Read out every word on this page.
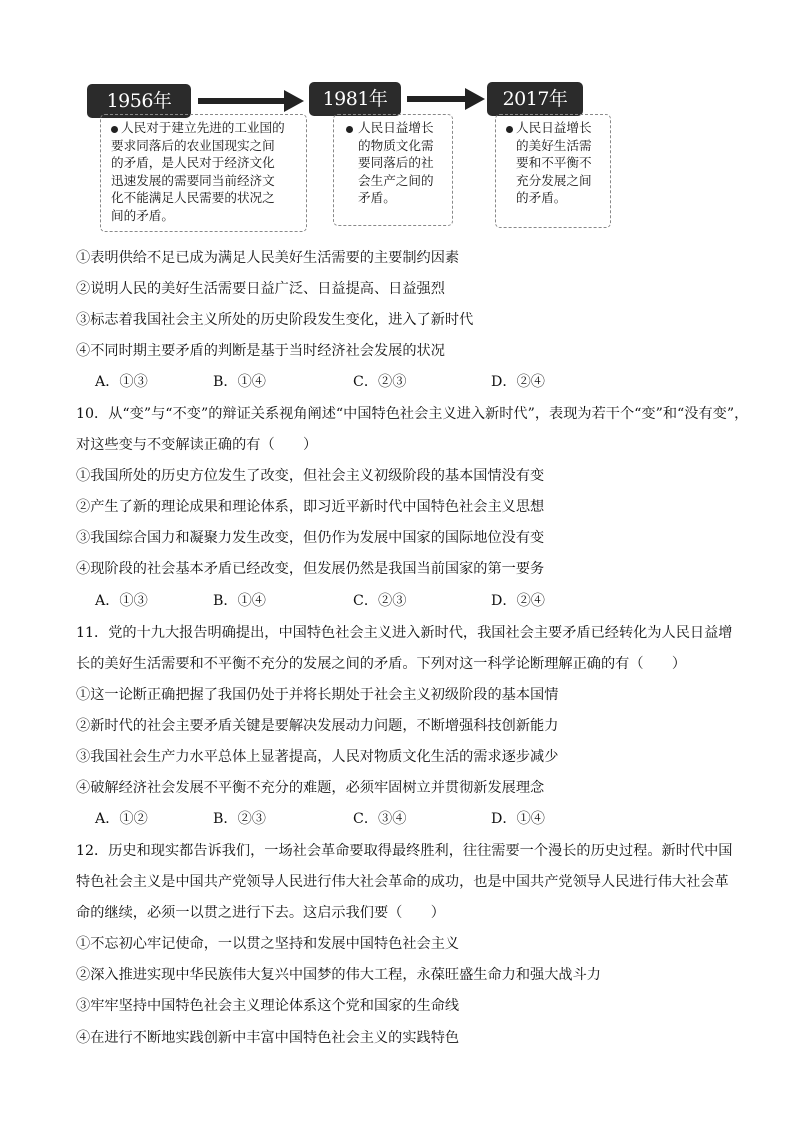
1956年	1981年	2017年
人民对于建立先进的工业国的
要求同落后的农业国现实之间
的矛盾，是人民对于经济文化
迅速发展的需要同当前经济文
化不能满足人民需要的状况之
间的矛盾。
人民日益增长
的物质文化需
要同落后的社
会生产之间的
矛盾。
人民日益增长
的美好生活需
要和不平衡不
充分发展之间
的矛盾。
①表明供给不足已成为满足人民美好生活需要的主要制约因素
②说明人民的美好生活需要日益广泛、日益提高、日益强烈
③标志着我国社会主义所处的历史阶段发生变化，进入了新时代
④不同时期主要矛盾的判断是基于当时经济社会发展的状况
A．①③	B．①④	C．②③	D．②④
10．从“变”与“不变”的辩证关系视角阐述“中国特色社会主义进入新时代”，表现为若干个“变”和“没有变”，
对这些变与不变解读正确的有（　　）
①我国所处的历史方位发生了改变，但社会主义初级阶段的基本国情没有变
②产生了新的理论成果和理论体系，即习近平新时代中国特色社会主义思想
③我国综合国力和凝聚力发生改变，但仍作为发展中国家的国际地位没有变
④现阶段的社会基本矛盾已经改变，但发展仍然是我国当前国家的第一要务
A．①③	B．①④	C．②③	D．②④
11．党的十九大报告明确提出，中国特色社会主义进入新时代，我国社会主要矛盾已经转化为人民日益增
长的美好生活需要和不平衡不充分的发展之间的矛盾。下列对这一科学论断理解正确的有（　　）
①这一论断正确把握了我国仍处于并将长期处于社会主义初级阶段的基本国情
②新时代的社会主要矛盾关键是要解决发展动力问题，不断增强科技创新能力
③我国社会生产力水平总体上显著提高，人民对物质文化生活的需求逐步减少
④破解经济社会发展不平衡不充分的难题，必须牢固树立并贯彻新发展理念
A．①②	B．②③	C．③④	D．①④
12．历史和现实都告诉我们，一场社会革命要取得最终胜利，往往需要一个漫长的历史过程。新时代中国
特色社会主义是中国共产党领导人民进行伟大社会革命的成功，也是中国共产党领导人民进行伟大社会革
命的继续，必须一以贯之进行下去。这启示我们要（　　）
①不忘初心牢记使命，一以贯之坚持和发展中国特色社会主义
②深入推进实现中华民族伟大复兴中国梦的伟大工程，永葆旺盛生命力和强大战斗力
③牢牢坚持中国特色社会主义理论体系这个党和国家的生命线
④在进行不断地实践创新中丰富中国特色社会主义的实践特色
